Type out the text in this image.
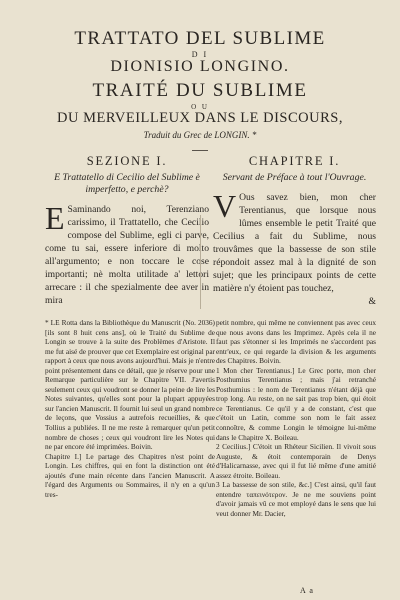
TRATTATO DEL SUBLIME
D I
DIONISIO LONGINO.
TRAITÉ DU SUBLIME
O U
DU MERVEILLEUX DANS LE DISCOURS,
Traduit du Grec de LONGIN. *
SEZIONE I.
E Trattatello di Cecilio del Sublime è imperfetto, e perchè?

E Saminando noi, Terenziano carissimo, il Trattatello, che Cecilio compose del Sublime, egli ci parve, come tu sai, essere inferiore di molto all'argumento; e non toccare le cose importanti; nè molta utilitade a' lettori arrecare : il che spezialmente dee aver in mira

CHAPITRE I.
Servant de Préface à tout l'Ouvrage.

V Ous savez bien, mon cher Terentianus, que lorsque nous lûmes ensemble le petit Traité que Cecilius a fait du Sublime, nous trouvâmes que la bassesse de son stile répondoit assez mal à la dignité de son sujet; que les principaux points de cette matière n'y étoient pas touchez,

&

* LE Rotta dans la Bibliothèque du Manuscrit (No. 2036) [ils sont 8 huit cens ans], où le Traité du Sublime de Longin se trouve à la suite des Problèmes d'Aristote. Il me fut aisé de prouver que cet Exemplaire est original par rapport à ceux que nous avons aujourd'hui. Mais je n'entre point présentement dans ce détail, que je réserve pour une Remarque particulière sur le Chapitre VII. J'avertis seulement ceux qui voudront se donner la peine de lire les Notes suivantes, qu'elles sont pour la plupart appuyées sur l'ancien Manuscrit. Il fournit lui seul un grand nombre de leçons, que Vossius a autrefois recueillies, & que Tollius a publiées. Il ne me reste à remarquer qu'un petit nombre de choses ; ceux qui voudront lire les Notes qui ne par encore été imprimées. Boivin.
Chapitre I.] Le partage des Chapitres n'est point de Longin. Les chiffres, qui en font la distinction ont été ajoutés d'une main récente dans l'ancien Manuscrit. A l'égard des Arguments ou Sommaires, il n'y en a qu'un tres-

petit nombre, qui même ne conviennent pas avec ceux que nous avons dans les Imprimez. Après cela il ne faut pas s'étonner si les Imprimés ne s'accordent pas entr'eux, ce qui regarde la division & les arguments des Chapitres. Boivin.
1 Mon cher Terentianus.] Le Grec porte, mon cher Posthumius Terentianus ; mais j'ai retranché Posthumius : le nom de Terentianus n'étant déjà que trop long. Au reste, on ne sait pas trop bien, qui étoit ce Terentianus. Ce qu'il y a de constant, c'est que c'étoit un Latin, comme son nom le fait assez connoître, & comme Longin le témoigne lui-même dans le Chapitre X. Boileau.
2 Cecilius.] C'étoit un Rhéteur Sicilien. Il vivoit sous Auguste, & étoit contemporain de Denys d'Halicarnasse, avec qui il fut lié même d'une amitié assez étroite. Boileau.
3 La bassesse de son stile, &c.] C'est ainsi, qu'il faut entendre ταπεινότερον. Je ne me souviens point d'avoir jamais vû ce mot employé dans le sens que lui veut donner Mr. Dacier,

A a
